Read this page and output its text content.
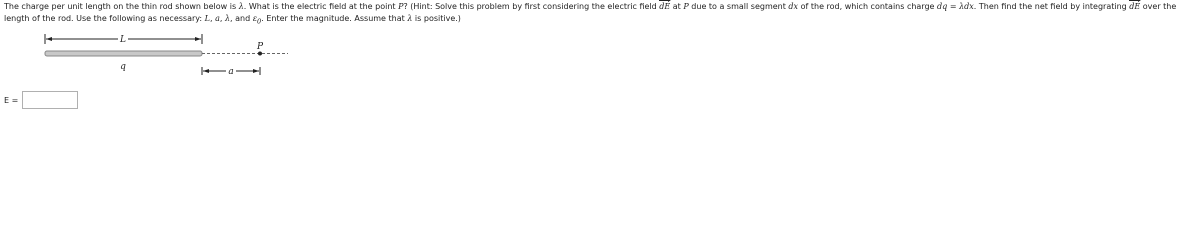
The charge per unit length on the thin rod shown below is λ. What is the electric field at the point P? (Hint: Solve this problem by first considering the electric field dE at P due to a small segment dx of the rod, which contains charge dq = λdx. Then find the net field by integrating dE over the length of the rod. Use the following as necessary: L, a, λ, and $\varepsilon_0$. Enter the magnitude. Assume that λ is positive.)

L
P
q	a
E =
